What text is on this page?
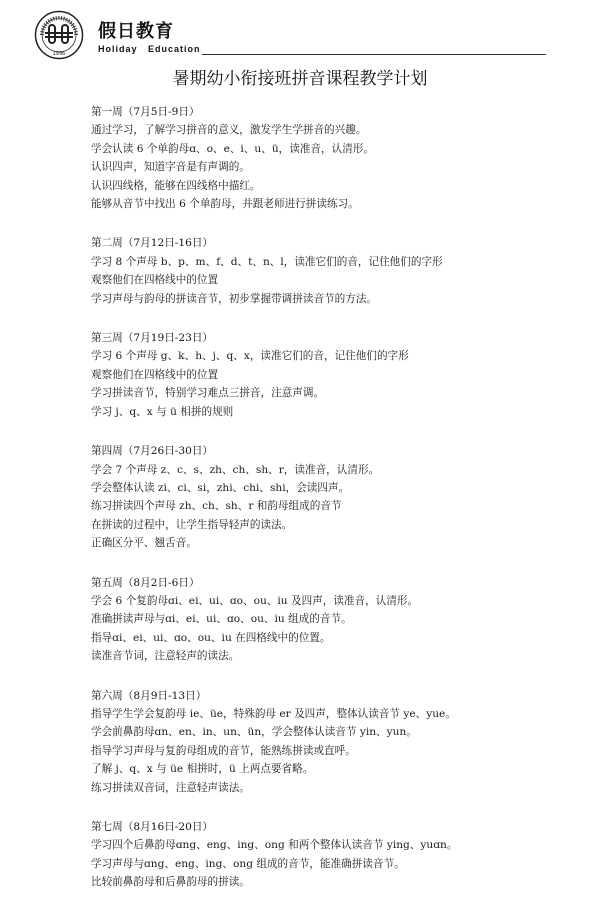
1996
假日教育
Holiday   Education
暑期幼小衔接班拼音课程教学计划
第一周（7月5日-9日）
通过学习，了解学习拼音的意义，激发学生学拼音的兴趣。
学会认读 6 个单韵母ɑ、o、e、i、u、ü，读准音，认清形。
认识四声，知道字音是有声调的。
认识四线格，能够在四线格中描红。
能够从音节中找出 6 个单韵母，并跟老师进行拼读练习。
第二周（7月12日-16日）
学习 8 个声母 b、p、m、f、d、t、n、l，读准它们的音，记住他们的字形
观察他们在四格线中的位置
学习声母与韵母的拼读音节，初步掌握带调拼读音节的方法。
第三周（7月19日-23日）
学习 6 个声母 g、k、h、j、q、x，读准它们的音，记住他们的字形
观察他们在四格线中的位置
学习拼读音节，特别学习难点三拼音，注意声调。
学习 j、q、x 与 ü 相拼的规则
第四周（7月26日-30日）
学会 7 个声母 z、c、s、zh、ch、sh、r，读准音，认清形。
学会整体认读 zi、ci、si，zhi、chi、shi，会读四声。
练习拼读四个声母 zh、ch、sh、r 和韵母组成的音节
在拼读的过程中，让学生指导轻声的读法。
正确区分平、翘舌音。
第五周（8月2日-6日）
学会 6 个复韵母ɑi、ei、ui、ɑo、ou、iu 及四声，读准音，认清形。
准确拼读声母与ɑi、ei、ui、ɑo、ou、iu 组成的音节。
指导ɑi、ei、ui、ɑo、ou、iu 在四格线中的位置。
读准音节词，注意轻声的读法。
第六周（8月9日-13日）
指导学生学会复韵母 ie、üe，特殊韵母 er 及四声，整体认读音节 ye、yue。
学会前鼻韵母ɑn、en、in、un、ün，学会整体认读音节 yin、yun。
指导学习声母与复韵母组成的音节，能熟练拼读或直呼。
了解 j、q、x 与 üe 相拼时，ü 上两点要省略。
练习拼读双音词，注意轻声读法。
第七周（8月16日-20日）
学习四个后鼻韵母ɑng、eng、ing、ong 和两个整体认读音节 ying、yuɑn。
学习声母与ɑng、eng、ing、ong 组成的音节，能准确拼读音节。
比较前鼻韵母和后鼻韵母的拼读。
